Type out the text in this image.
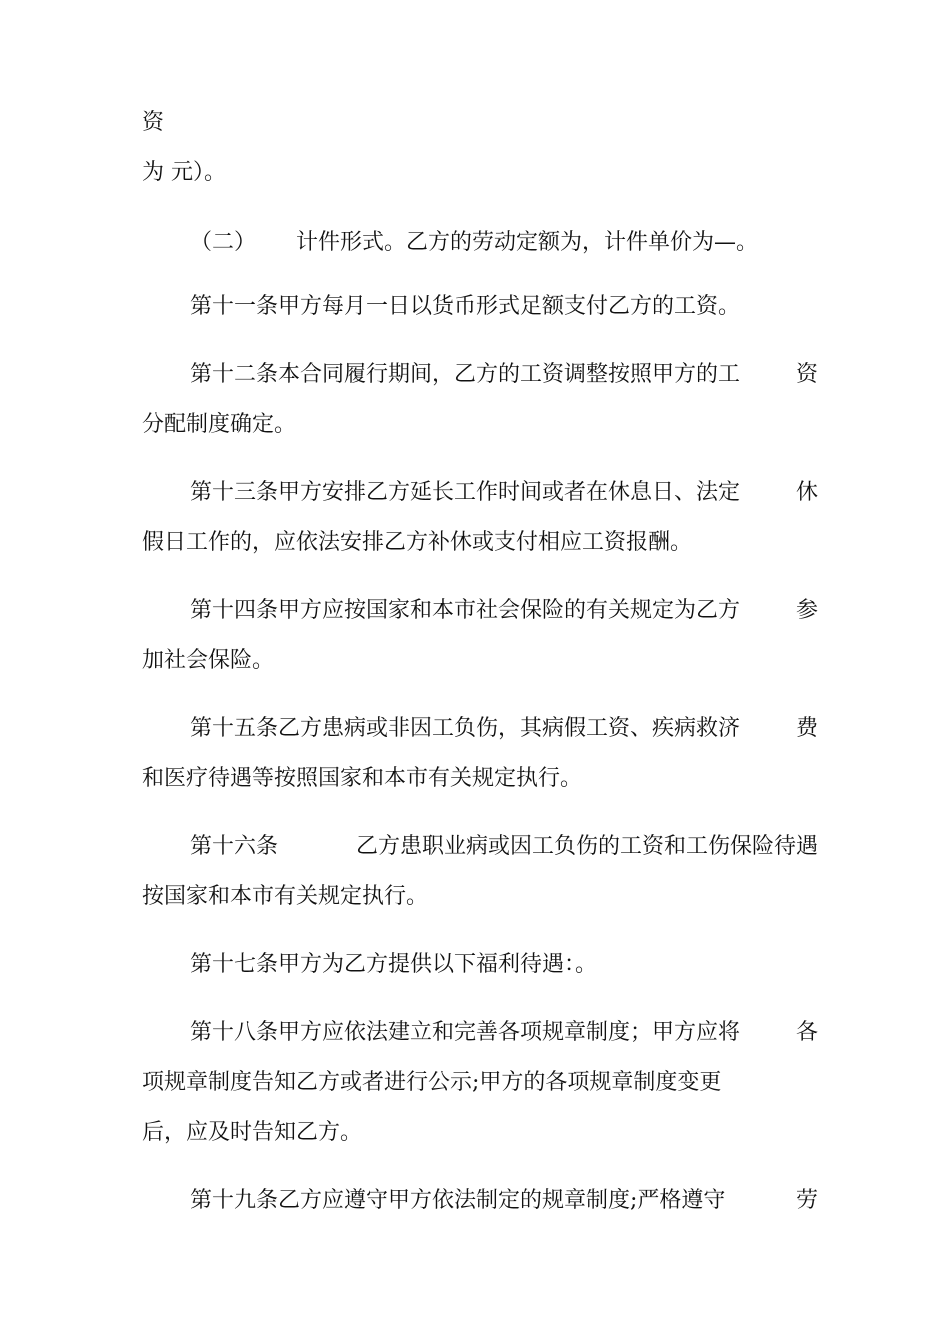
资
为 元）。
（二）	计件形式。乙方的劳动定额为，计件单价为—。
第十一条甲方每月一日以货币形式足额支付乙方的工资。
第十二条本合同履行期间，乙方的工资调整按照甲方的工	资
分配制度确定。
第十三条甲方安排乙方延长工作时间或者在休息日、法定	休
假日工作的，应依法安排乙方补休或支付相应工资报酬。
第十四条甲方应按国家和本市社会保险的有关规定为乙方	参
加社会保险。
第十五条乙方患病或非因工负伤，其病假工资、疾病救济	费
和医疗待遇等按照国家和本市有关规定执行。
第十六条	乙方患职业病或因工负伤的工资和工伤保险待遇
按国家和本市有关规定执行。
第十七条甲方为乙方提供以下福利待遇：。
第十八条甲方应依法建立和完善各项规章制度；甲方应将	各
项规章制度告知乙方或者进行公示;甲方的各项规章制度变更
后，应及时告知乙方。
第十九条乙方应遵守甲方依法制定的规章制度;严格遵守	劳
